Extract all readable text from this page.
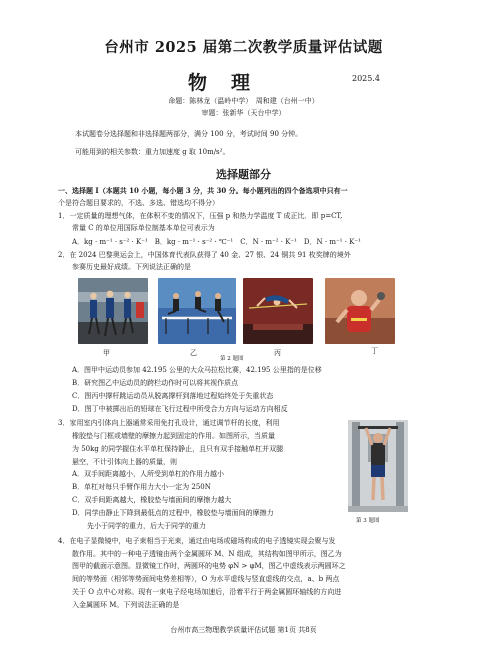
台州市 2025 届第二次教学质量评估试题
物理	2025.4
命题：陈林龙（温岭中学）　周和建（台州一中）
审题：张新华（天台中学）
本试题卷分选择题和非选择题两部分，满分 100 分，考试时间 90 分钟。
可能用到的相关参数：重力加速度 g 取 10m/s²。
选择题部分
一、选择题 Ⅰ（本题共 10 小题，每小题 3 分，共 30 分。每小题列出的四个备选项中只有一
个是符合题目要求的，不选、多选、错选均不得分）
1．一定质量的理想气体，在体积不变的情况下，压强 p 和热力学温度 T 成正比．即 p=CT,
常量 C 的单位用国际单位制基本单位可表示为
A．kg · m⁻¹ · s⁻² · K⁻¹　B．kg · m⁻¹ · s⁻² · ℃⁻¹　C．N · m⁻² · K⁻¹　D．N · m⁻¹ · K⁻¹
2．在 2024 巴黎奥运会上，中国体育代表队获得了 40 金、27 银、24 铜共 91 枚奖牌的境外
参赛历史最好成绩。下列说法正确的是
甲	乙	丙	丁
第 2 题图
A．图甲中运动员参加 42.195 公里的大众马拉松比赛，42.195 公里指的是位移
B．研究图乙中运动员的跨栏动作时可以将其视作质点
C．图丙中撑杆跳运动员从脱离撑杆到落地过程始终处于失重状态
D．图丁中被掷出后的铅球在飞行过程中所受合力方向与运动方向相反
3．家用室内引体向上器通常采用免打孔设计，通过调节杆的长度，利用
橡胶垫与门框或墙壁的摩擦力起到固定的作用。如图所示，当质量
为 50kg 的同学握住水平单杠保持静止，且只有双手接触单杠并双腿
悬空，不计引体向上器的质量，则
A．双手间距离越小，人所受到单杠的作用力越小
B．单杠对每只手臂作用力大小一定为 250N
C．双手间距离越大，橡胶垫与墙面间的摩擦力越大
D．同学由静止下降到最低点的过程中，橡胶垫与墙面间的摩擦力
先小于同学的重力，后大于同学的重力
第 3 题图
4．在电子显微镜中，电子束相当于光束，通过由电场或磁场构成的电子透镜实现会聚与发
散作用。其中的一种电子透镜由两个金属圆环 M、N 组成，其结构如图甲所示，图乙为
图甲的截面示意图。显微镜工作时，两圆环的电势 φN > φM，图乙中虚线表示两圆环之
间的等势面（相邻等势面间电势差相等），O 为水平虚线与竖直虚线的交点，a、b 两点
关于 O 点中心对称。现有一束电子经电场加速后，沿着平行于两金属圆环轴线的方向进
入金属圆环 M。下列说法正确的是
台州市高三物理教学质量评估试题 第1页 共8页
